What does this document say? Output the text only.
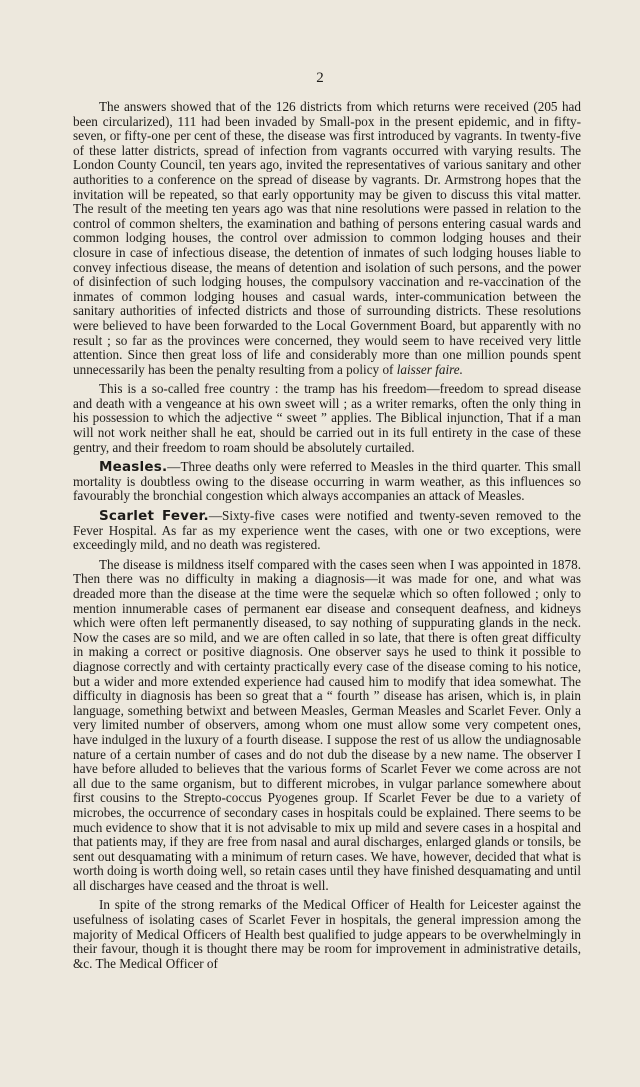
2

The answers showed that of the 126 districts from which returns were received (205 had been circularized), 111 had been invaded by Small-pox in the present epidemic, and in fifty-seven, or fifty-one per cent of these, the disease was first introduced by vagrants. In twenty-five of these latter districts, spread of infection from vagrants occurred with varying results. The London County Council, ten years ago, invited the representatives of various sanitary and other authorities to a conference on the spread of disease by vagrants. Dr. Armstrong hopes that the invitation will be repeated, so that early opportunity may be given to discuss this vital matter. The result of the meeting ten years ago was that nine resolutions were passed in relation to the control of common shelters, the examination and bathing of persons entering casual wards and common lodging houses, the control over admission to common lodging houses and their closure in case of infectious disease, the detention of inmates of such lodging houses liable to convey infectious disease, the means of detention and isolation of such persons, and the power of disinfection of such lodging houses, the compulsory vaccination and re-vaccination of the inmates of common lodging houses and casual wards, inter-communication between the sanitary authorities of infected districts and those of surrounding districts. These resolutions were believed to have been forwarded to the Local Government Board, but apparently with no result ; so far as the provinces were concerned, they would seem to have received very little attention. Since then great loss of life and considerably more than one million pounds spent unnecessarily has been the penalty resulting from a policy of laisser faire.

This is a so-called free country : the tramp has his freedom—freedom to spread disease and death with a vengeance at his own sweet will ; as a writer remarks, often the only thing in his possession to which the adjective “ sweet ” applies. The Biblical injunction, That if a man will not work neither shall he eat, should be carried out in its full entirety in the case of these gentry, and their freedom to roam should be absolutely curtailed.

Measles.—Three deaths only were referred to Measles in the third quarter. This small mortality is doubtless owing to the disease occurring in warm weather, as this influences so favourably the bronchial congestion which always accompanies an attack of Measles.

Scarlet Fever.—Sixty-five cases were notified and twenty-seven removed to the Fever Hospital. As far as my experience went the cases, with one or two exceptions, were exceedingly mild, and no death was registered.

The disease is mildness itself compared with the cases seen when I was appointed in 1878. Then there was no difficulty in making a diagnosis—it was made for one, and what was dreaded more than the disease at the time were the sequelæ which so often followed ; only to mention innumerable cases of permanent ear disease and consequent deafness, and kidneys which were often left permanently diseased, to say nothing of suppurating glands in the neck. Now the cases are so mild, and we are often called in so late, that there is often great difficulty in making a correct or positive diagnosis. One observer says he used to think it possible to diagnose correctly and with certainty practically every case of the disease coming to his notice, but a wider and more extended experience had caused him to modify that idea somewhat. The difficulty in diagnosis has been so great that a “ fourth ” disease has arisen, which is, in plain language, something betwixt and between Measles, German Measles and Scarlet Fever. Only a very limited number of observers, among whom one must allow some very competent ones, have indulged in the luxury of a fourth disease. I suppose the rest of us allow the undiagnosable nature of a certain number of cases and do not dub the disease by a new name. The observer I have before alluded to believes that the various forms of Scarlet Fever we come across are not all due to the same organism, but to different microbes, in vulgar parlance somewhere about first cousins to the Strepto-coccus Pyogenes group. If Scarlet Fever be due to a variety of microbes, the occurrence of secondary cases in hospitals could be explained. There seems to be much evidence to show that it is not advisable to mix up mild and severe cases in a hospital and that patients may, if they are free from nasal and aural discharges, enlarged glands or tonsils, be sent out desquamating with a minimum of return cases. We have, however, decided that what is worth doing is worth doing well, so retain cases until they have finished desquamating and until all discharges have ceased and the throat is well.

In spite of the strong remarks of the Medical Officer of Health for Leicester against the usefulness of isolating cases of Scarlet Fever in hospitals, the general impression among the majority of Medical Officers of Health best qualified to judge appears to be overwhelmingly in their favour, though it is thought there may be room for improvement in administrative details, &c. The Medical Officer of
